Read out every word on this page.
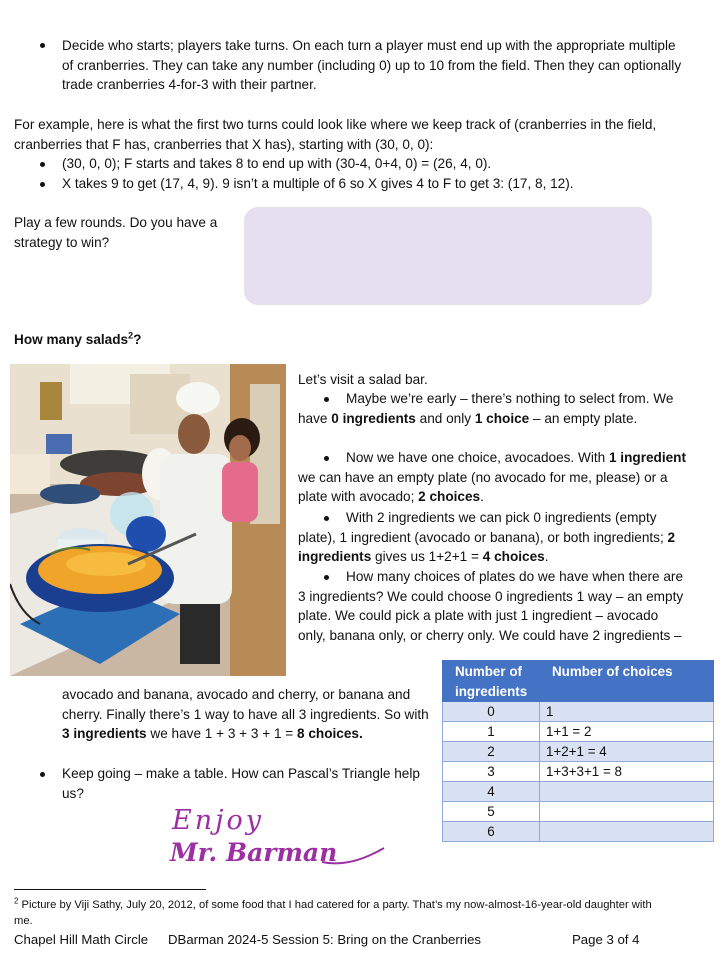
Decide who starts; players take turns. On each turn a player must end up with the appropriate multiple of cranberries. They can take any number (including 0) up to 10 from the field. Then they can optionally trade cranberries 4-for-3 with their partner.
For example, here is what the first two turns could look like where we keep track of (cranberries in the field, cranberries that F has, cranberries that X has), starting with (30, 0, 0):
(30, 0, 0); F starts and takes 8 to end up with (30-4, 0+4, 0) = (26, 4, 0).
X takes 9 to get (17, 4, 9). 9 isn’t a multiple of 6 so X gives 4 to F to get 3: (17, 8, 12).
Play a few rounds. Do you have a strategy to win?
How many salads$^2$?
Let’s visit a salad bar.
Maybe we’re early – there’s nothing to select from. We have 0 ingredients and only 1 choice – an empty plate.
Now we have one choice, avocadoes. With 1 ingredient we can have an empty plate (no avocado for me, please) or a plate with avocado; 2 choices.
With 2 ingredients we can pick 0 ingredients (empty plate), 1 ingredient (avocado or banana), or both ingredients; 2 ingredients gives us 1+2+1 = 4 choices.
How many choices of plates do we have when there are 3 ingredients? We could choose 0 ingredients 1 way – an empty plate. We could pick a plate with just 1 ingredient – avocado only, banana only, or cherry only. We could have 2 ingredients –
Number of ingredients	Number of choices
0	1
1	1+1 = 2
2	1+2+1 = 4
3	1+3+3+1 = 8
4	
5	
6	
avocado and banana, avocado and cherry, or banana and cherry. Finally there’s 1 way to have all 3 ingredients. So with 3 ingredients we have 1 + 3 + 3 + 1 = 8 choices.
Keep going – make a table. How can Pascal’s Triangle help us?
Enjoy
Mr. Barman
$^2$ Picture by Viji Sathy, July 20, 2012, of some food that I had catered for a party. That’s my now-almost-16-year-old daughter with me.
Chapel Hill Math Circle DBarman 2024-5 Session 5: Bring on the Cranberries	Page 3 of 4
